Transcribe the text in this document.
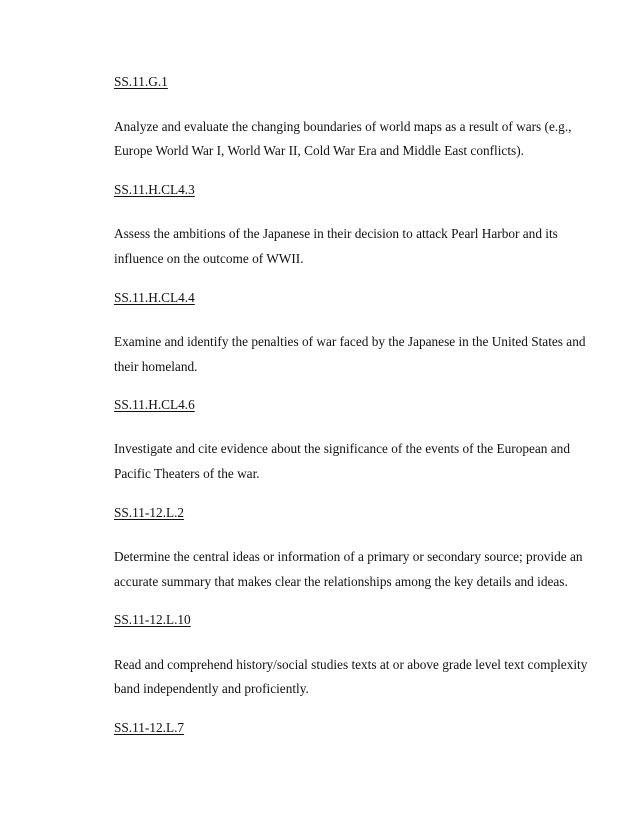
SS.11.G.1
Analyze and evaluate the changing boundaries of world maps as a result of wars (e.g.,
Europe World War I, World War II, Cold War Era and Middle East conflicts).
SS.11.H.CL4.3
Assess the ambitions of the Japanese in their decision to attack Pearl Harbor and its
influence on the outcome of WWII.
SS.11.H.CL4.4
Examine and identify the penalties of war faced by the Japanese in the United States and
their homeland.
SS.11.H.CL4.6
Investigate and cite evidence about the significance of the events of the European and
Pacific Theaters of the war.
SS.11-12.L.2
Determine the central ideas or information of a primary or secondary source; provide an
accurate summary that makes clear the relationships among the key details and ideas.
SS.11-12.L.10
Read and comprehend history/social studies texts at or above grade level text complexity
band independently and proficiently.
SS.11-12.L.7
